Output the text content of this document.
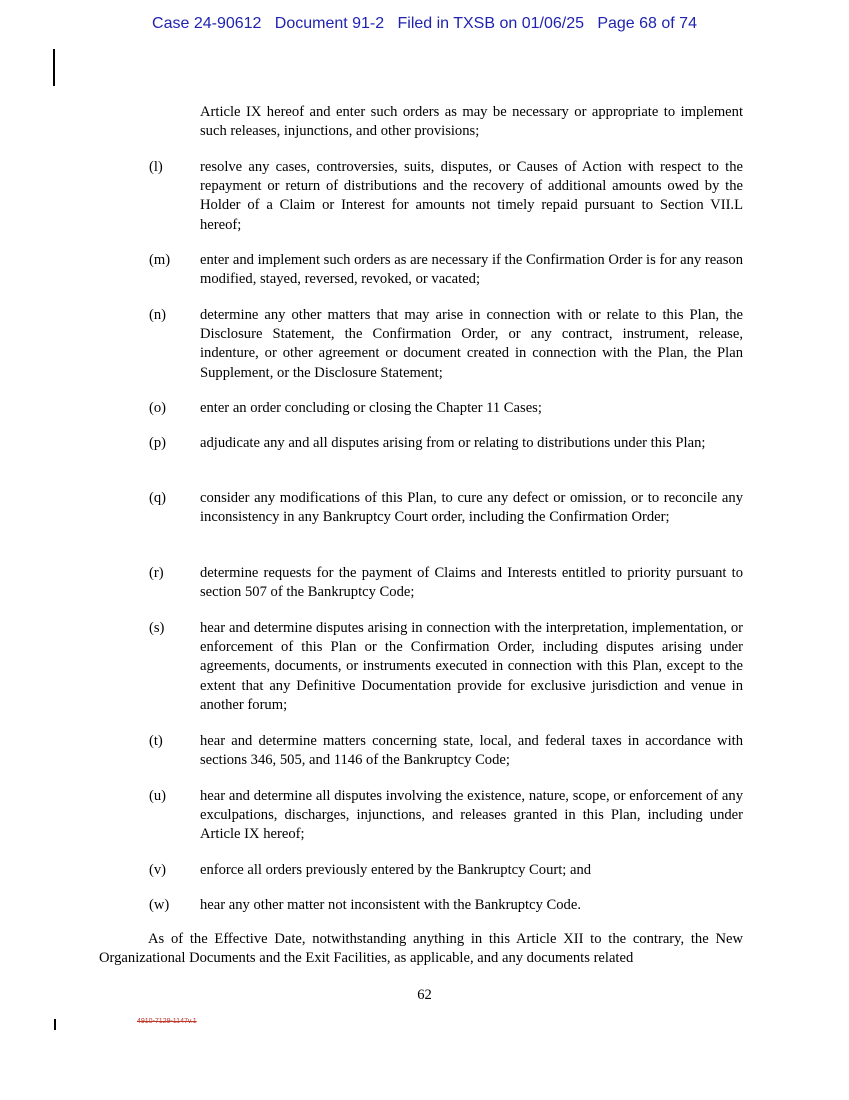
Case 24-90612   Document 91-2   Filed in TXSB on 01/06/25   Page 68 of 74
Article IX hereof and enter such orders as may be necessary or appropriate to implement such releases, injunctions, and other provisions;
(l)	resolve any cases, controversies, suits, disputes, or Causes of Action with respect to the repayment or return of distributions and the recovery of additional amounts owed by the Holder of a Claim or Interest for amounts not timely repaid pursuant to Section VII.L hereof;
(m) enter and implement such orders as are necessary if the Confirmation Order is for any reason modified, stayed, reversed, revoked, or vacated;
(n) determine any other matters that may arise in connection with or relate to this Plan, the Disclosure Statement, the Confirmation Order, or any contract, instrument, release, indenture, or other agreement or document created in connection with the Plan, the Plan Supplement, or the Disclosure Statement;
(o) enter an order concluding or closing the Chapter 11 Cases;
(p) adjudicate any and all disputes arising from or relating to distributions under this Plan;
(q) consider any modifications of this Plan, to cure any defect or omission, or to reconcile any inconsistency in any Bankruptcy Court order, including the Confirmation Order;
(r) determine requests for the payment of Claims and Interests entitled to priority pursuant to section 507 of the Bankruptcy Code;
(s) hear and determine disputes arising in connection with the interpretation, implementation, or enforcement of this Plan or the Confirmation Order, including disputes arising under agreements, documents, or instruments executed in connection with this Plan, except to the extent that any Definitive Documentation provide for exclusive jurisdiction and venue in another forum;
(t)	hear and determine matters concerning state, local, and federal taxes in accordance with sections 346, 505, and 1146 of the Bankruptcy Code;
(u) hear and determine all disputes involving the existence, nature, scope, or enforcement of any exculpations, discharges, injunctions, and releases granted in this Plan, including under Article IX hereof;
(v) enforce all orders previously entered by the Bankruptcy Court; and
(w) hear any other matter not inconsistent with the Bankruptcy Code.
As of the Effective Date, notwithstanding anything in this Article XII to the contrary, the New Organizational Documents and the Exit Facilities, as applicable, and any documents related
62
4910-7129-1147v.1
